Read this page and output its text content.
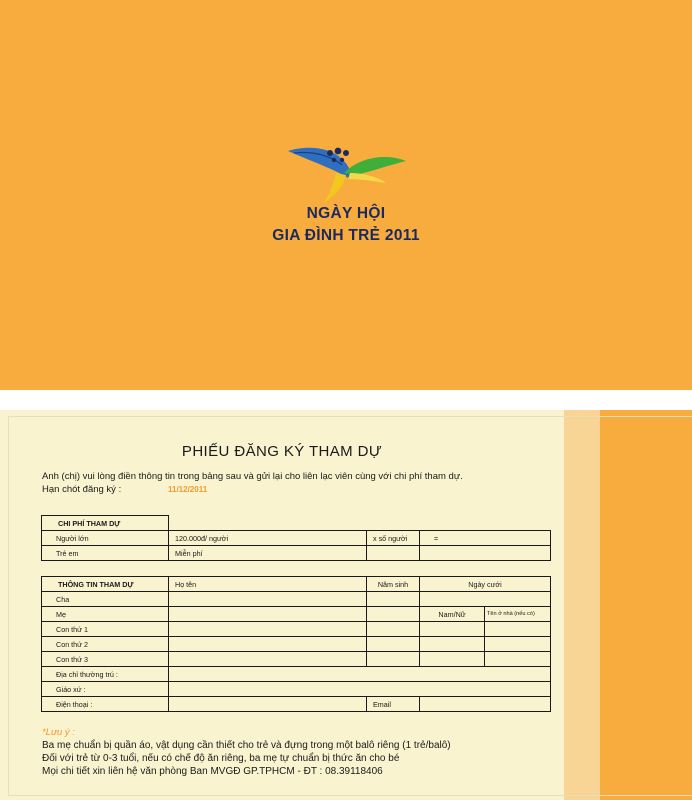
NGÀY HỘI
GIA ĐÌNH TRẺ 2011
PHIẾU ĐĂNG KÝ THAM DỰ
Anh (chị) vui lòng điền thông tin trong bảng sau và gửi lại cho liên lạc viên cùng với chi phí tham dự.
Hạn chót đăng ký :	11/12/2011
CHI PHÍ THAM DỰ			
Người lớn	120.000đ/ người	x số người	=
Trẻ em	Miễn phí		
THÔNG TIN THAM DỰ	Họ tên	Năm sinh	Ngày cưới	
Cha				
Mẹ			Nam/Nữ	Tên ở nhà (nếu có)
Con thứ 1				
Con thứ 2				
Con thứ 3				
Địa chỉ thường trú :				
Giáo xứ :				
Điện thoại :		Email		
*Lưu ý :
Ba mẹ chuẩn bị quần áo, vật dụng cần thiết cho trẻ và đựng trong một balô riêng (1 trẻ/balô)
Đối với trẻ từ 0-3 tuổi, nếu có chế độ ăn riêng, ba mẹ tự chuẩn bị thức ăn cho bé
Mọi chi tiết xin liên hệ văn phòng Ban MVGĐ GP.TPHCM - ĐT : 08.39118406
